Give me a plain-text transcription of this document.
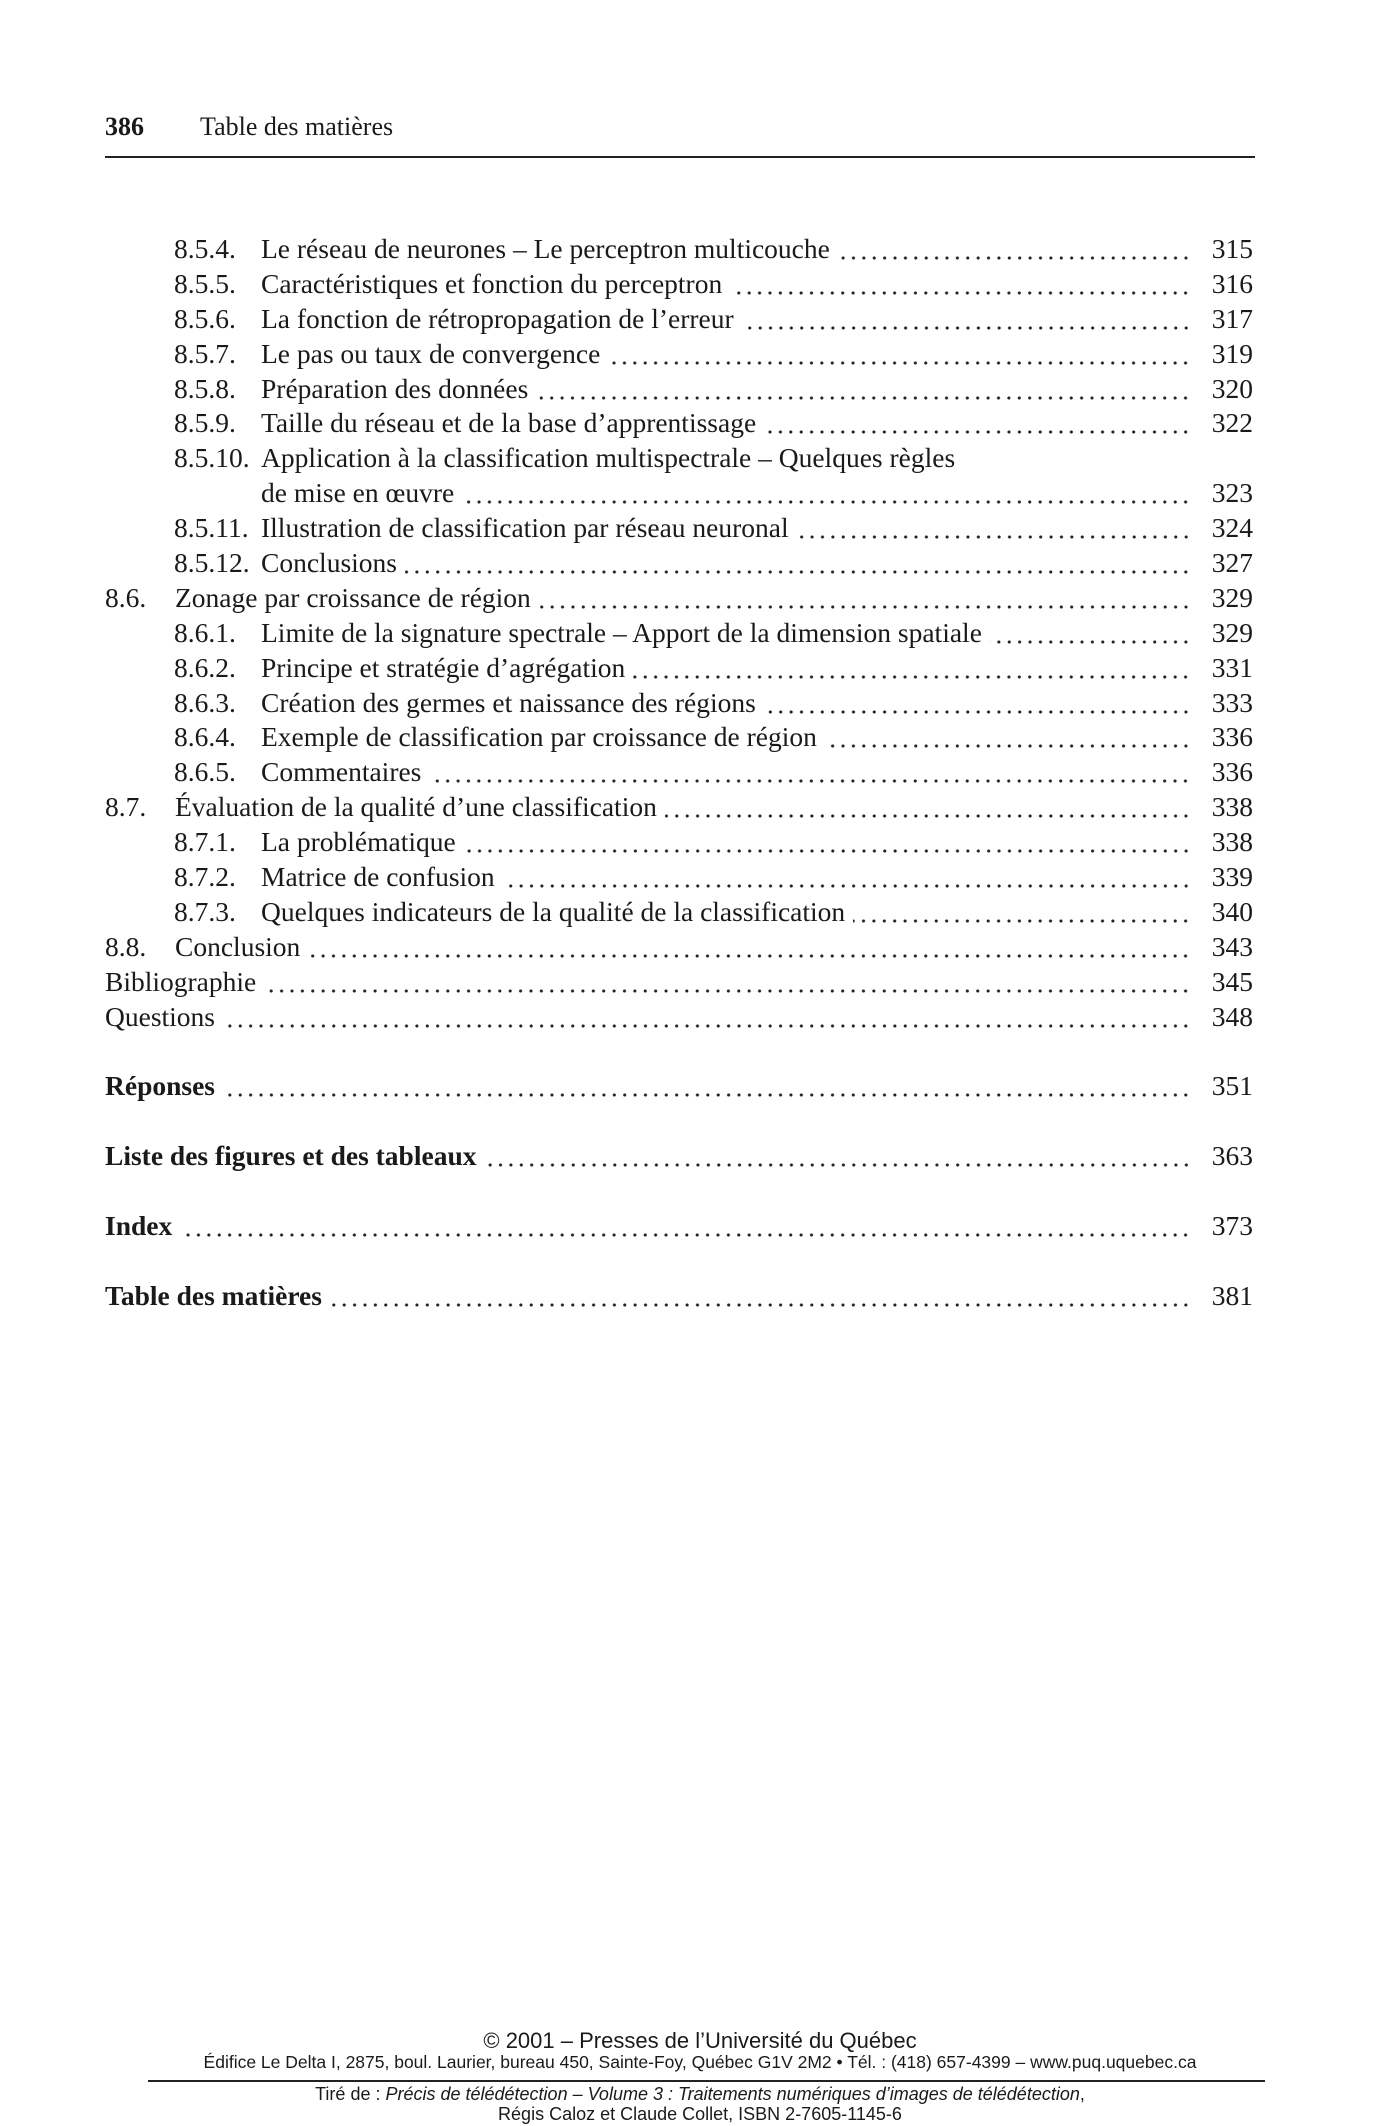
386 Table des matières
8.5.4. Le réseau de neurones – Le perceptron multicouche	315
8.5.5. Caractéristiques et fonction du perceptron	316
8.5.6. La fonction de rétropropagation de l’erreur	317
8.5.7. Le pas ou taux de convergence	319
8.5.8. Préparation des données	320
8.5.9. Taille du réseau et de la base d’apprentissage	322
8.5.10. Application à la classification multispectrale – Quelques règles
de mise en œuvre	323
8.5.11. Illustration de classification par réseau neuronal	324
8.5.12. Conclusions	327
8.6.	Zonage par croissance de région	329
8.6.1. Limite de la signature spectrale – Apport de la dimension spatiale	329
8.6.2. Principe et stratégie d’agrégation	331
8.6.3. Création des germes et naissance des régions	333
8.6.4. Exemple de classification par croissance de région	336
8.6.5. Commentaires	336
8.7.	Évaluation de la qualité d’une classification	338
8.7.1. La problématique	338
8.7.2. Matrice de confusion	339
8.7.3. Quelques indicateurs de la qualité de la classification	340
8.8.	Conclusion	343
Bibliographie	345
Questions	348
Réponses	351
Liste des figures et des tableaux	363
Index	373
Table des matières	381
© 2001 – Presses de l’Université du Québec
Édifice Le Delta I, 2875, boul. Laurier, bureau 450, Sainte-Foy, Québec G1V 2M2 • Tél. : (418) 657-4399 – www.puq.uquebec.ca
Tiré de : Précis de télédétection – Volume 3 : Traitements numériques d’images de télédétection,
Régis Caloz et Claude Collet, ISBN 2-7605-1145-6
